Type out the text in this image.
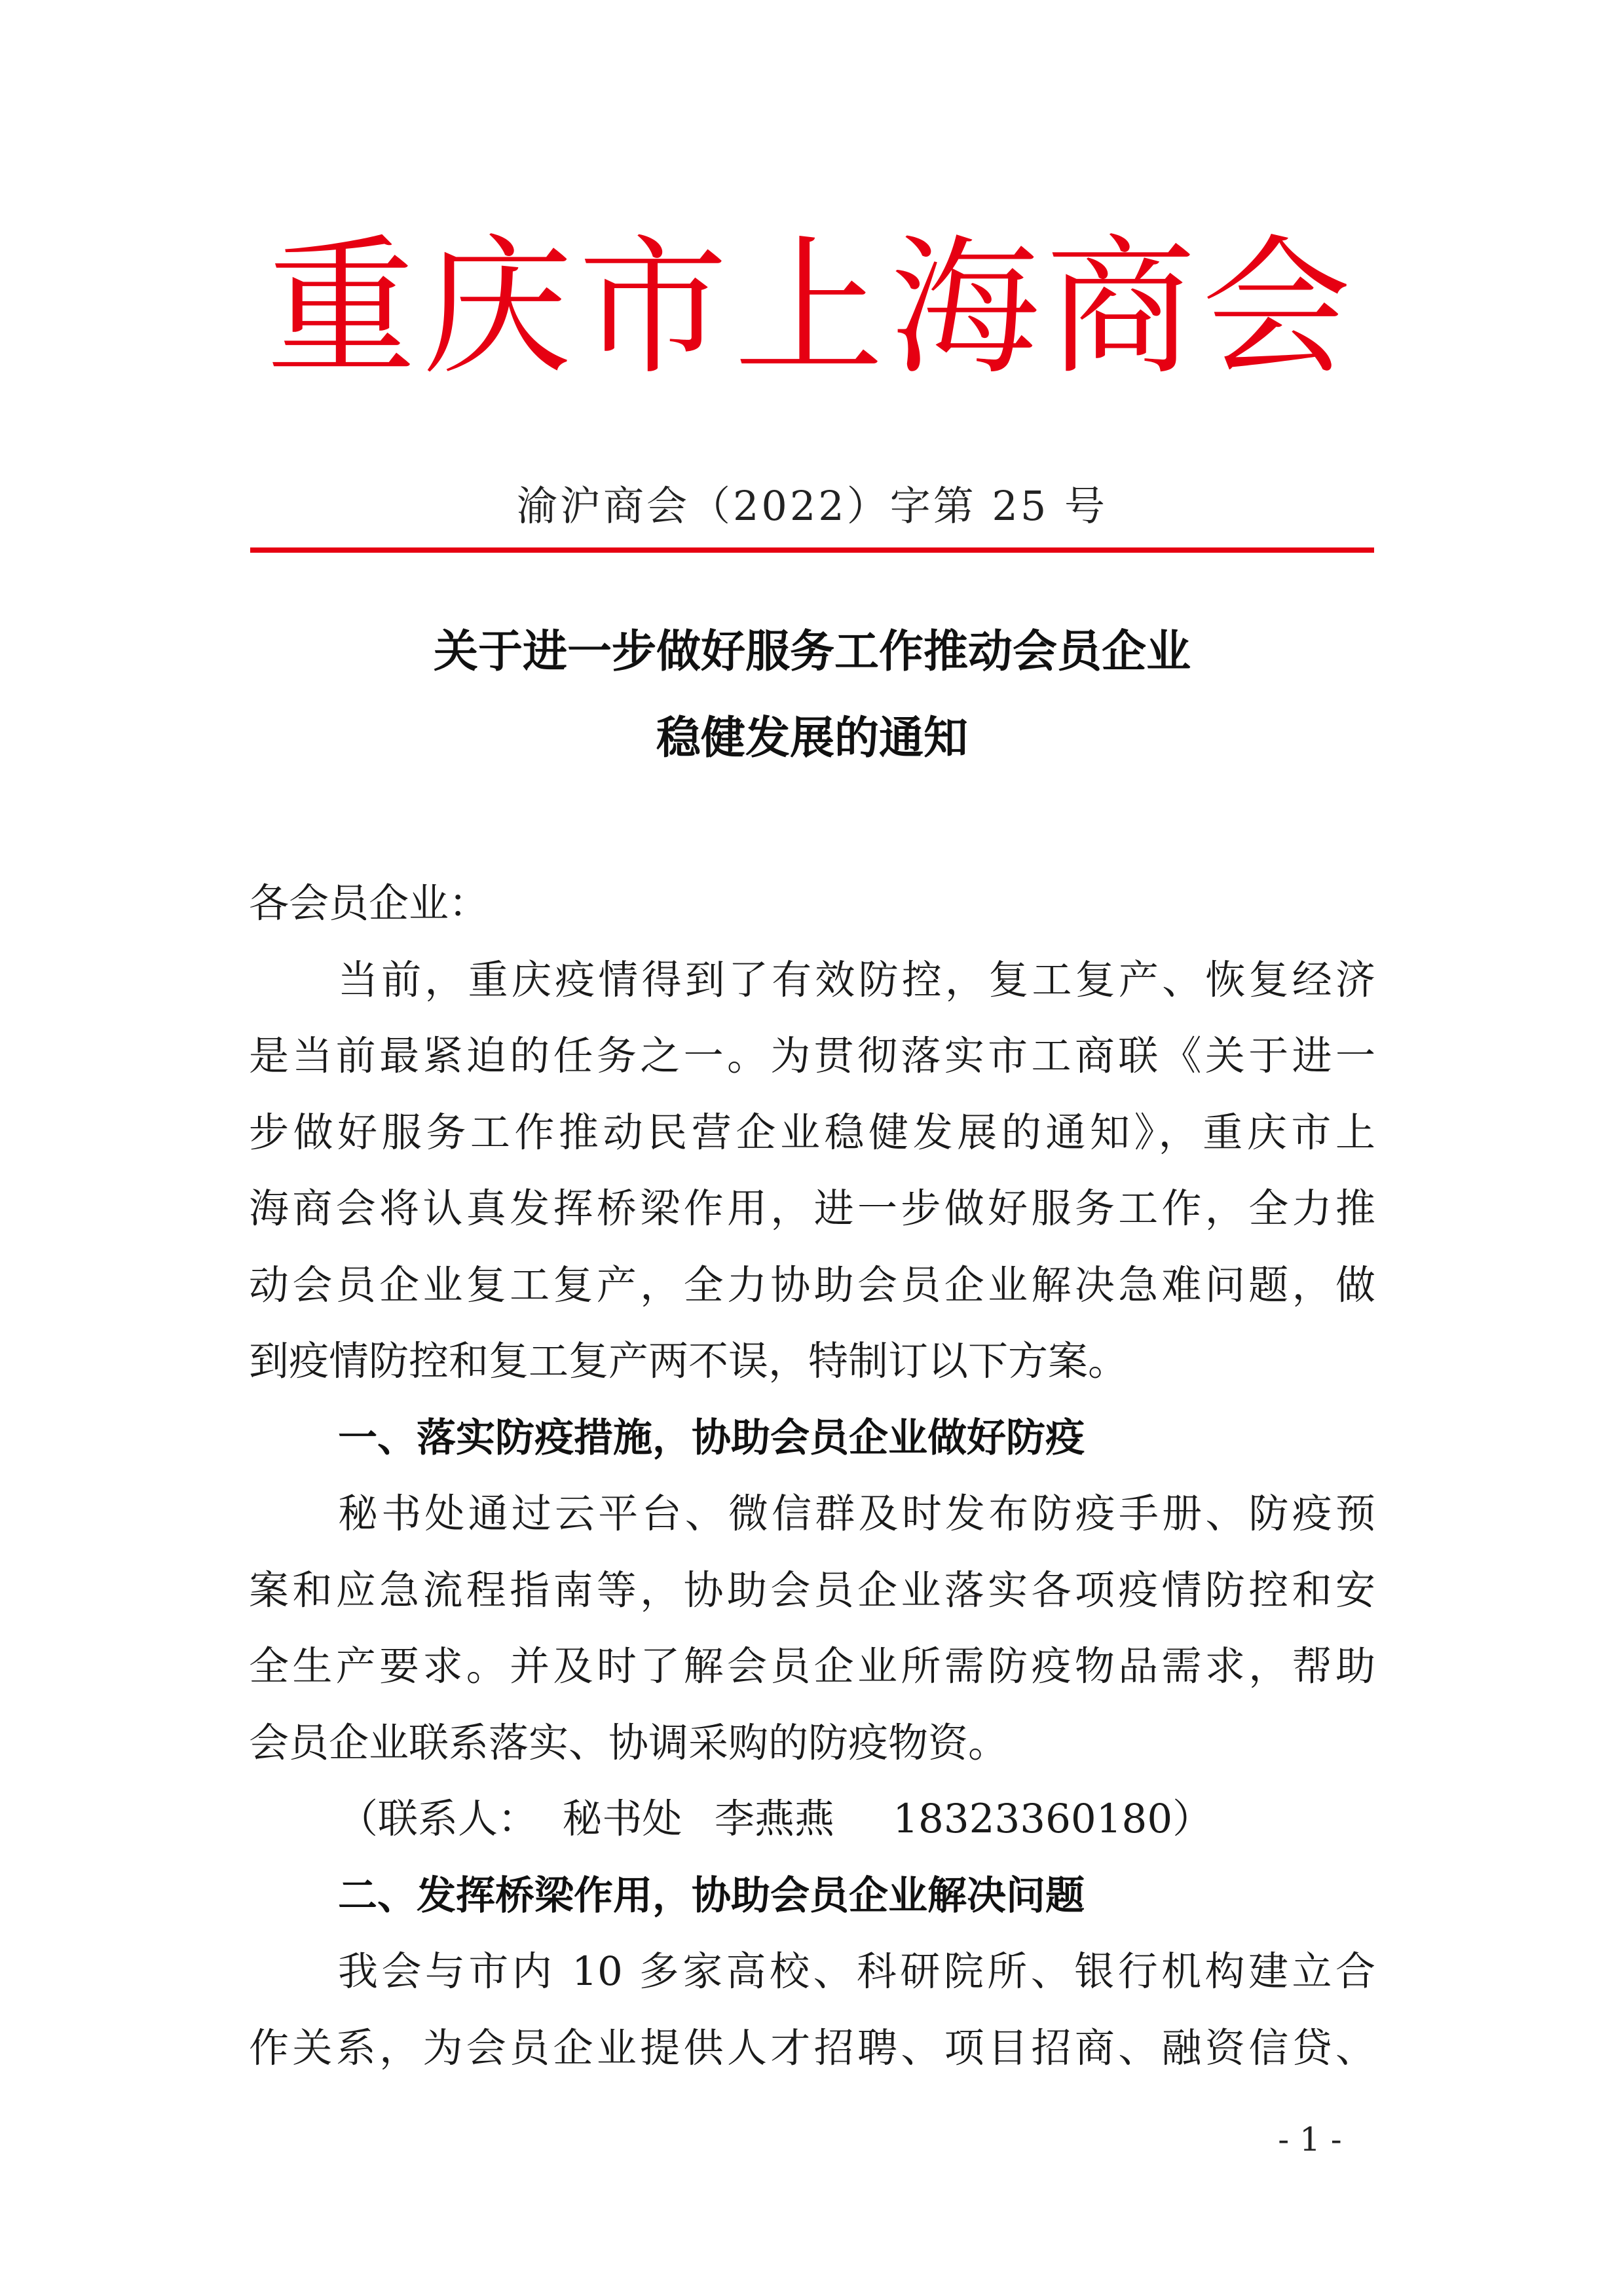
重庆市上海商会
渝沪商会（2022）字第 25 号
关于进一步做好服务工作推动会员企业
稳健发展的通知
各会员企业：
当前，重庆疫情得到了有效防控，复工复产、恢复经济
是当前最紧迫的任务之一。为贯彻落实市工商联《关于进一
步做好服务工作推动民营企业稳健发展的通知》，重庆市上
海商会将认真发挥桥梁作用，进一步做好服务工作，全力推
动会员企业复工复产，全力协助会员企业解决急难问题，做
到疫情防控和复工复产两不误，特制订以下方案。
一、落实防疫措施，协助会员企业做好防疫
秘书处通过云平台、微信群及时发布防疫手册、防疫预
案和应急流程指南等，协助会员企业落实各项疫情防控和安
全生产要求。并及时了解会员企业所需防疫物品需求，帮助
会员企业联系落实、协调采购的防疫物资。
（联系人： 秘书处 李燕燕 18323360180）
二、发挥桥梁作用，协助会员企业解决问题
我会与市内 10 多家高校、科研院所、银行机构建立合
作关系，为会员企业提供人才招聘、项目招商、融资信贷、
- 1 -
